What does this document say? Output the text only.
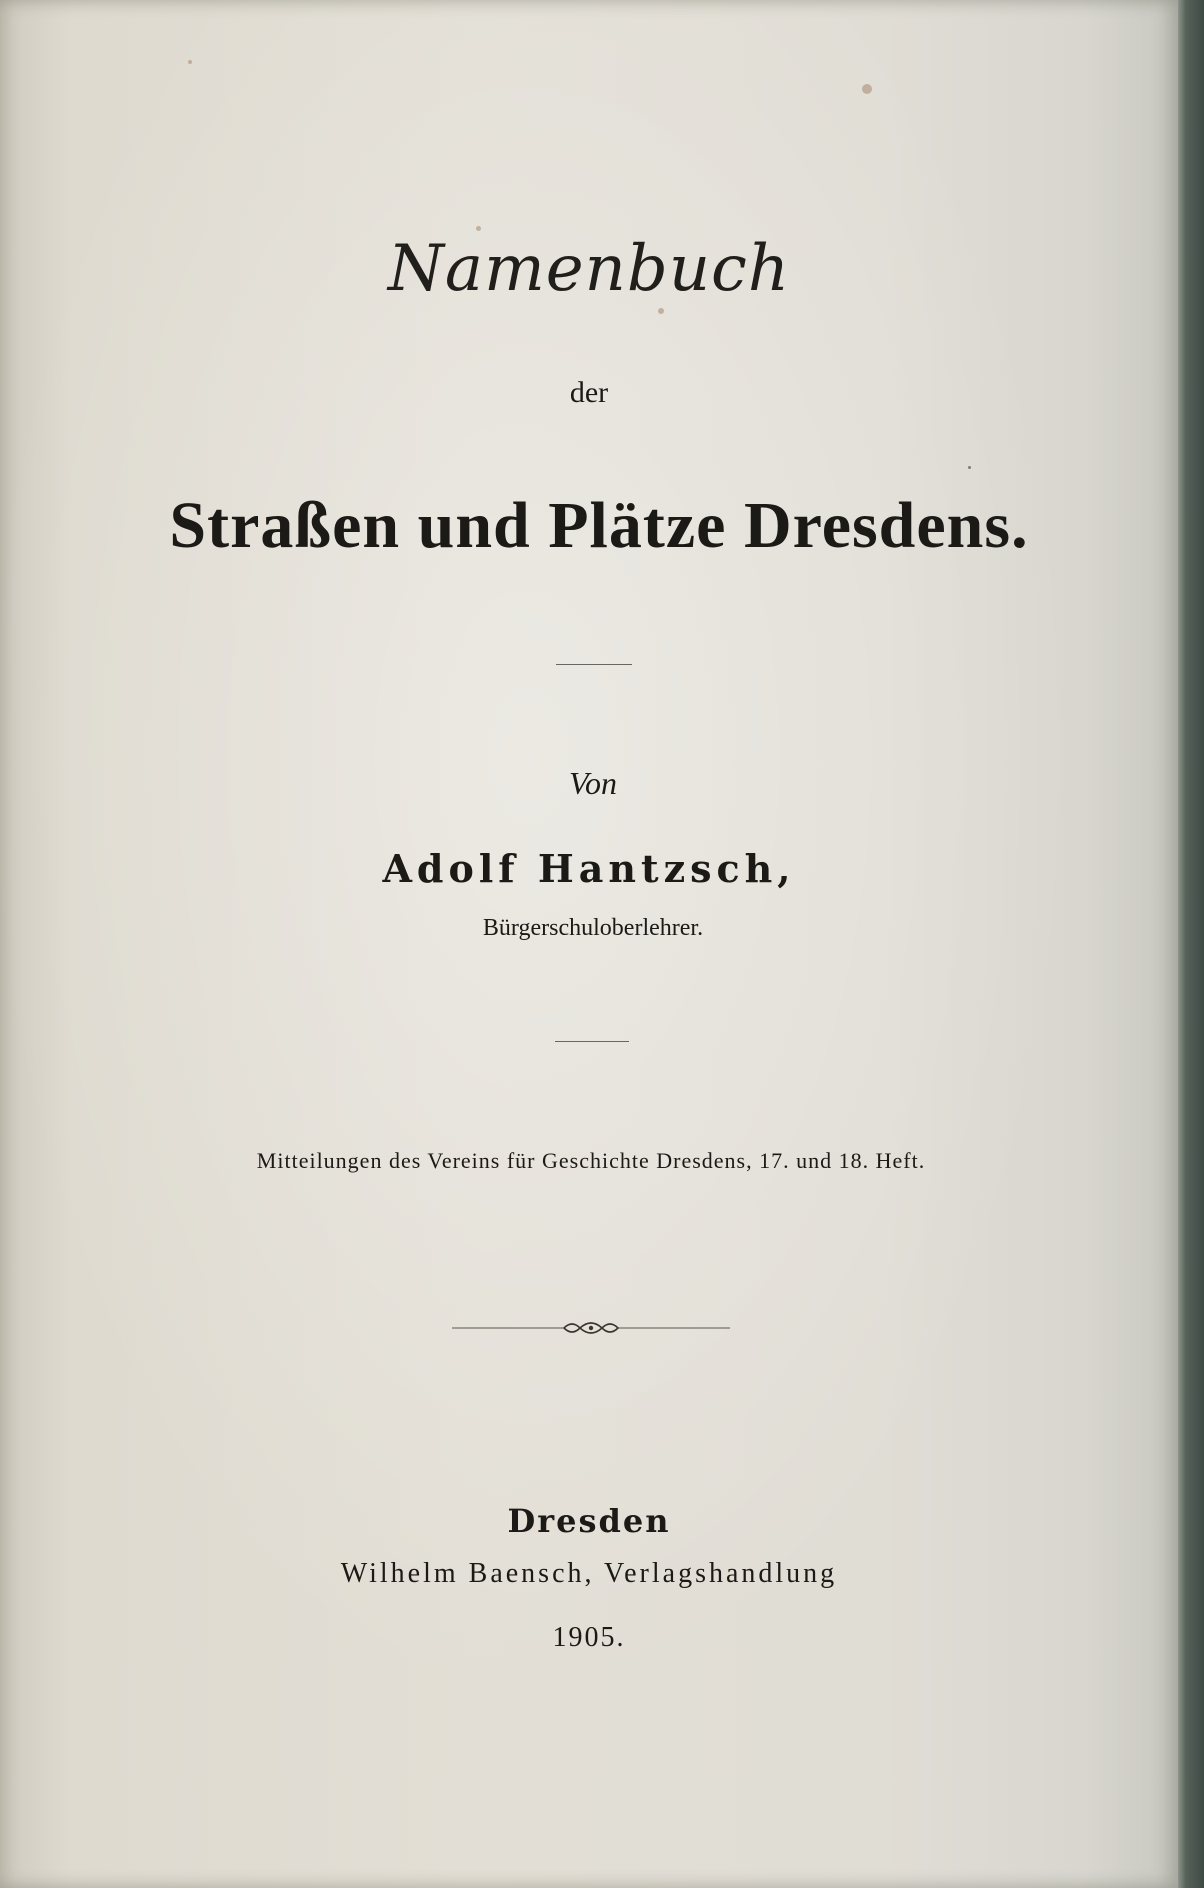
Namenbuch
der
Straßen und Plätze Dresdens.
Von
Adolf Hantzsch,
Bürgerschuloberlehrer.
Mitteilungen des Vereins für Geschichte Dresdens, 17. und 18. Heft.
Dresden
Wilhelm Baensch, Verlagshandlung
1905.
